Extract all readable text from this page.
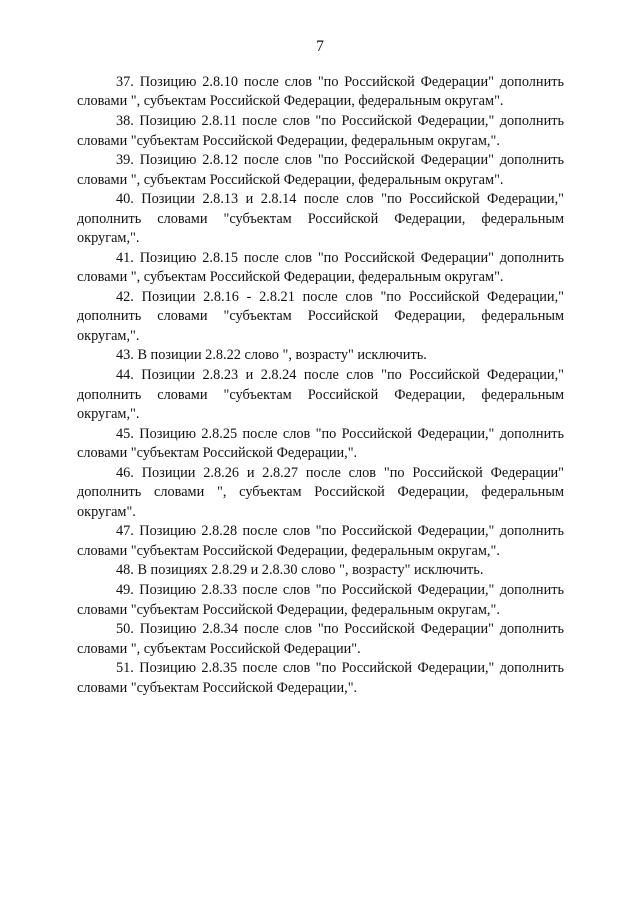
7

37. Позицию 2.8.10 после слов "по Российской Федерации" дополнить словами ", субъектам Российской Федерации, федеральным округам".

38. Позицию 2.8.11 после слов "по Российской Федерации," дополнить словами "субъектам Российской Федерации, федеральным округам,".

39. Позицию 2.8.12 после слов "по Российской Федерации" дополнить словами ", субъектам Российской Федерации, федеральным округам".

40. Позиции 2.8.13 и 2.8.14 после слов "по Российской Федерации," дополнить словами "субъектам Российской Федерации, федеральным округам,".

41. Позицию 2.8.15 после слов "по Российской Федерации" дополнить словами ", субъектам Российской Федерации, федеральным округам".

42. Позиции 2.8.16 - 2.8.21 после слов "по Российской Федерации," дополнить словами "субъектам Российской Федерации, федеральным округам,".

43. В позиции 2.8.22 слово ", возрасту" исключить.

44. Позиции 2.8.23 и 2.8.24 после слов "по Российской Федерации," дополнить словами "субъектам Российской Федерации, федеральным округам,".

45. Позицию 2.8.25 после слов "по Российской Федерации," дополнить словами "субъектам Российской Федерации,".

46. Позиции 2.8.26 и 2.8.27 после слов "по Российской Федерации" дополнить словами ", субъектам Российской Федерации, федеральным округам".

47. Позицию 2.8.28 после слов "по Российской Федерации," дополнить словами "субъектам Российской Федерации, федеральным округам,".

48. В позициях 2.8.29 и 2.8.30 слово ", возрасту" исключить.

49. Позицию 2.8.33 после слов "по Российской Федерации," дополнить словами "субъектам Российской Федерации, федеральным округам,".

50. Позицию 2.8.34 после слов "по Российской Федерации" дополнить словами ", субъектам Российской Федерации".

51. Позицию 2.8.35 после слов "по Российской Федерации," дополнить словами "субъектам Российской Федерации,".
